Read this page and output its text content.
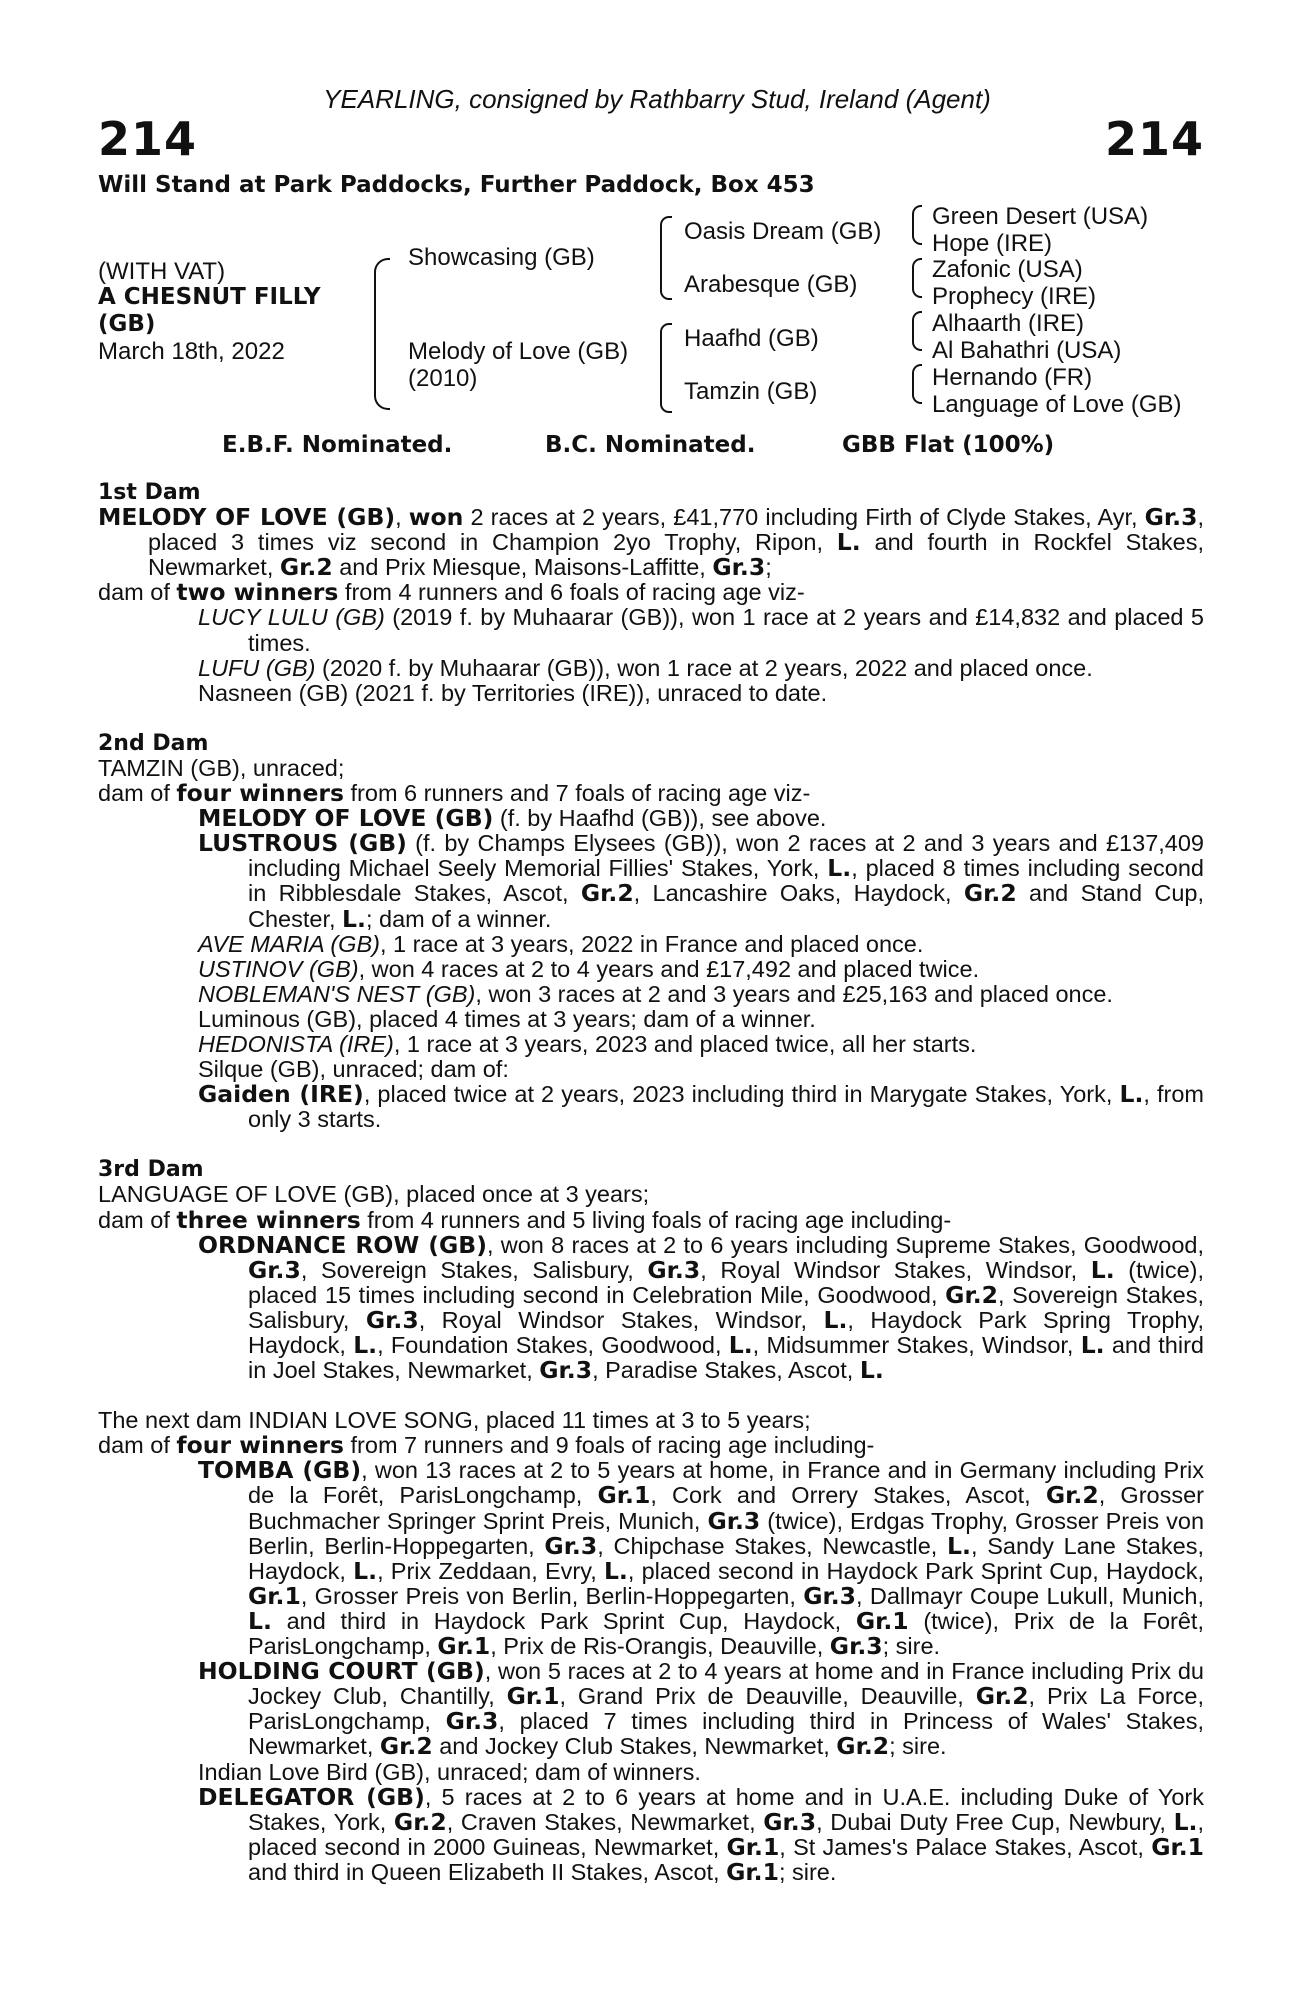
YEARLING, consigned by Rathbarry Stud, Ireland (Agent)
214	214
Will Stand at Park Paddocks, Further Paddock, Box 453
(WITH VAT)
A CHESNUT FILLY
(GB)
March 18th, 2022
Showcasing (GB)
Melody of Love (GB)
(2010)
Oasis Dream (GB)
Arabesque (GB)
Haafhd (GB)
Tamzin (GB)
Green Desert (USA)
Hope (IRE)
Zafonic (USA)
Prophecy (IRE)
Alhaarth (IRE)
Al Bahathri (USA)
Hernando (FR)
Language of Love (GB)
E.B.F. Nominated.	B.C. Nominated.	GBB Flat (100%)
1st Dam

MELODY OF LOVE (GB), won 2 races at 2 years, £41,770 including Firth of Clyde Stakes, Ayr, Gr.3, placed 3 times viz second in Champion 2yo Trophy, Ripon, L. and fourth in Rockfel Stakes, Newmarket, Gr.2 and Prix Miesque, Maisons-Laffitte, Gr.3;

dam of two winners from 4 runners and 6 foals of racing age viz-

LUCY LULU (GB) (2019 f. by Muhaarar (GB)), won 1 race at 2 years and £14,832 and placed 5 times.

LUFU (GB) (2020 f. by Muhaarar (GB)), won 1 race at 2 years, 2022 and placed once.

Nasneen (GB) (2021 f. by Territories (IRE)), unraced to date.

2nd Dam

TAMZIN (GB), unraced;

dam of four winners from 6 runners and 7 foals of racing age viz-

MELODY OF LOVE (GB) (f. by Haafhd (GB)), see above.

LUSTROUS (GB) (f. by Champs Elysees (GB)), won 2 races at 2 and 3 years and £137,409 including Michael Seely Memorial Fillies' Stakes, York, L., placed 8 times including second in Ribblesdale Stakes, Ascot, Gr.2, Lancashire Oaks, Haydock, Gr.2 and Stand Cup, Chester, L.; dam of a winner.

AVE MARIA (GB), 1 race at 3 years, 2022 in France and placed once.

USTINOV (GB), won 4 races at 2 to 4 years and £17,492 and placed twice.

NOBLEMAN'S NEST (GB), won 3 races at 2 and 3 years and £25,163 and placed once.

Luminous (GB), placed 4 times at 3 years; dam of a winner.

HEDONISTA (IRE), 1 race at 3 years, 2023 and placed twice, all her starts.

Silque (GB), unraced; dam of:

Gaiden (IRE), placed twice at 2 years, 2023 including third in Marygate Stakes, York, L., from only 3 starts.

3rd Dam

LANGUAGE OF LOVE (GB), placed once at 3 years;

dam of three winners from 4 runners and 5 living foals of racing age including-

ORDNANCE ROW (GB), won 8 races at 2 to 6 years including Supreme Stakes, Goodwood, Gr.3, Sovereign Stakes, Salisbury, Gr.3, Royal Windsor Stakes, Windsor, L. (twice), placed 15 times including second in Celebration Mile, Goodwood, Gr.2, Sovereign Stakes, Salisbury, Gr.3, Royal Windsor Stakes, Windsor, L., Haydock Park Spring Trophy, Haydock, L., Foundation Stakes, Goodwood, L., Midsummer Stakes, Windsor, L. and third in Joel Stakes, Newmarket, Gr.3, Paradise Stakes, Ascot, L.

The next dam INDIAN LOVE SONG, placed 11 times at 3 to 5 years;

dam of four winners from 7 runners and 9 foals of racing age including-

TOMBA (GB), won 13 races at 2 to 5 years at home, in France and in Germany including Prix de la Forêt, ParisLongchamp, Gr.1, Cork and Orrery Stakes, Ascot, Gr.2, Grosser Buchmacher Springer Sprint Preis, Munich, Gr.3 (twice), Erdgas Trophy, Grosser Preis von Berlin, Berlin-Hoppegarten, Gr.3, Chipchase Stakes, Newcastle, L., Sandy Lane Stakes, Haydock, L., Prix Zeddaan, Evry, L., placed second in Haydock Park Sprint Cup, Haydock, Gr.1, Grosser Preis von Berlin, Berlin-Hoppegarten, Gr.3, Dallmayr Coupe Lukull, Munich, L. and third in Haydock Park Sprint Cup, Haydock, Gr.1 (twice), Prix de la Forêt, ParisLongchamp, Gr.1, Prix de Ris-Orangis, Deauville, Gr.3; sire.

HOLDING COURT (GB), won 5 races at 2 to 4 years at home and in France including Prix du Jockey Club, Chantilly, Gr.1, Grand Prix de Deauville, Deauville, Gr.2, Prix La Force, ParisLongchamp, Gr.3, placed 7 times including third in Princess of Wales' Stakes, Newmarket, Gr.2 and Jockey Club Stakes, Newmarket, Gr.2; sire.

Indian Love Bird (GB), unraced; dam of winners.

DELEGATOR (GB), 5 races at 2 to 6 years at home and in U.A.E. including Duke of York Stakes, York, Gr.2, Craven Stakes, Newmarket, Gr.3, Dubai Duty Free Cup, Newbury, L., placed second in 2000 Guineas, Newmarket, Gr.1, St James's Palace Stakes, Ascot, Gr.1 and third in Queen Elizabeth II Stakes, Ascot, Gr.1; sire.
